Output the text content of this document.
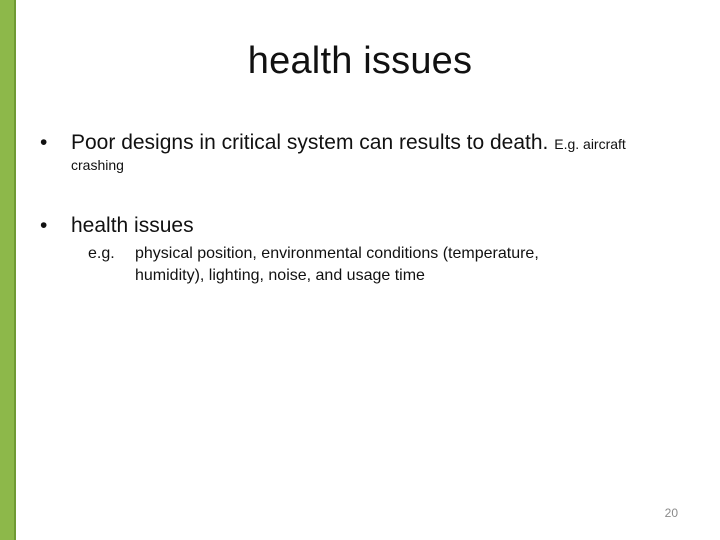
health issues
• Poor designs in critical system can results to death. E.g. aircraft
crashing
• health issues
e.g. physical position, environmental conditions (temperature,
humidity), lighting, noise, and usage time
20
